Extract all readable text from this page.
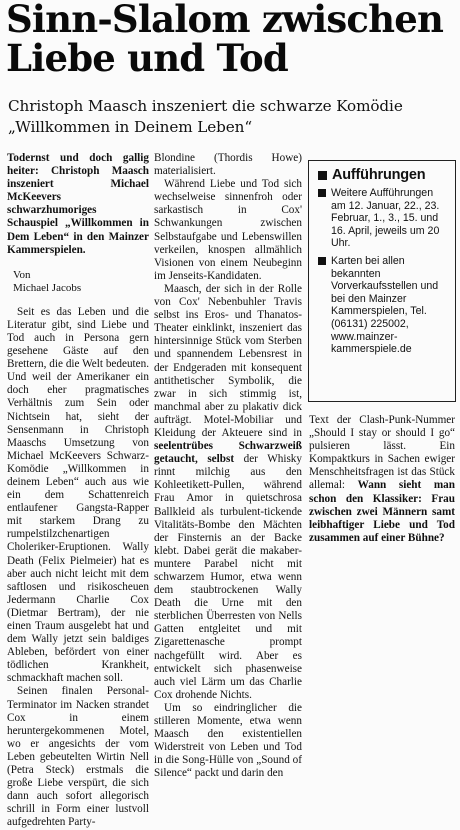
Sinn-Slalom zwischen
Liebe und Tod
Christoph Maasch inszeniert die schwarze Komödie
„Willkommen in Deinem Leben“

Todernst und doch gallig heiter: Christoph Maasch inszeniert Michael McKeevers schwarzhumoriges Schauspiel „Willkommen in Dem Leben“ in den Mainzer Kammerspielen.

Von
Michael Jacobs

Seit es das Leben und die Literatur gibt, sind Liebe und Tod auch in Persona gern gesehene Gäste auf den Brettern, die die Welt bedeuten. Und weil der Amerikaner ein doch eher pragmatisches Verhältnis zum Sein oder Nichtsein hat, sieht der Sensenmann in Christoph Maaschs Umsetzung von Michael McKeevers Schwarz-Komödie „Willkommen in deinem Leben“ auch aus wie ein dem Schattenreich entlaufener Gangsta-Rapper mit starkem Drang zu rumpelstilzchenartigen Choleriker-Eruptionen. Wally Death (Felix Pielmeier) hat es aber auch nicht leicht mit dem saftlosen und risikoscheuen Jedermann Charlie Cox (Dietmar Bertram), der nie einen Traum ausgelebt hat und dem Wally jetzt sein baldiges Ableben, befördert von einer tödlichen Krankheit, schmackhaft machen soll.

Seinen finalen Personal-Terminator im Nacken strandet Cox in einem heruntergekommenen Motel, wo er angesichts der vom Leben gebeutelten Wirtin Nell (Petra Steck) erstmals die große Liebe verspürt, die sich dann auch sofort allegorisch schrill in Form einer lustvoll aufgedrehten Party-

Blondine (Thordis Howe) materialisiert.

Während Liebe und Tod sich wechselweise sinnenfroh oder sarkastisch in Cox' Schwankungen zwischen Selbstaufgabe und Lebenswillen verkeilen, knospen allmählich Visionen von einem Neubeginn im Jenseits-Kandidaten.

Maasch, der sich in der Rolle von Cox' Nebenbuhler Travis selbst ins Eros- und Thanatos-Theater einklinkt, inszeniert das hintersinnige Stück vom Sterben und spannendem Lebensrest in der Endgeraden mit konsequent antithetischer Symbolik, die zwar in sich stimmig ist, manchmal aber zu plakativ dick aufträgt. Motel-Mobiliar und Kleidung der Akteuere sind in seelentrübes Schwarzweiß getaucht, selbst der Whisky rinnt milchig aus den Kohleetikett-Pullen, während Frau Amor in quietschrosa Ballkleid als turbulent-tickende Vitalitäts-Bombe den Mächten der Finsternis an der Backe klebt. Dabei gerät die makaber-muntere Parabel nicht mit schwarzem Humor, etwa wenn dem staubtrockenen Wally Death die Urne mit den sterblichen Überresten von Nells Gatten entgleitet und mit Zigarettenasche prompt nachgefüllt wird. Aber es entwickelt sich phasenweise auch viel Lärm um das Charlie Cox drohende Nichts.

Um so eindringlicher die stilleren Momente, etwa wenn Maasch den existentiellen Widerstreit von Leben und Tod in die Song-Hülle von „Sound of Silence“ packt und darin den

Aufführungen
Weitere Aufführungen am 12. Januar, 22., 23. Februar, 1., 3., 15. und 16. April, jeweils um 20 Uhr.
Karten bei allen bekannten Vorverkaufsstellen und bei den Mainzer Kammerspielen, Tel. (06131) 225002, www.mainzer-kammerspiele.de
Text der Clash-Punk-Nummer „Should I stay or should I go“ pulsieren lässt. Ein Kompaktkurs in Sachen ewiger Menschheitsfragen ist das Stück allemal: Wann sieht man schon den Klassiker: Frau zwischen zwei Männern samt leibhaftiger Liebe und Tod zusammen auf einer Bühne?
